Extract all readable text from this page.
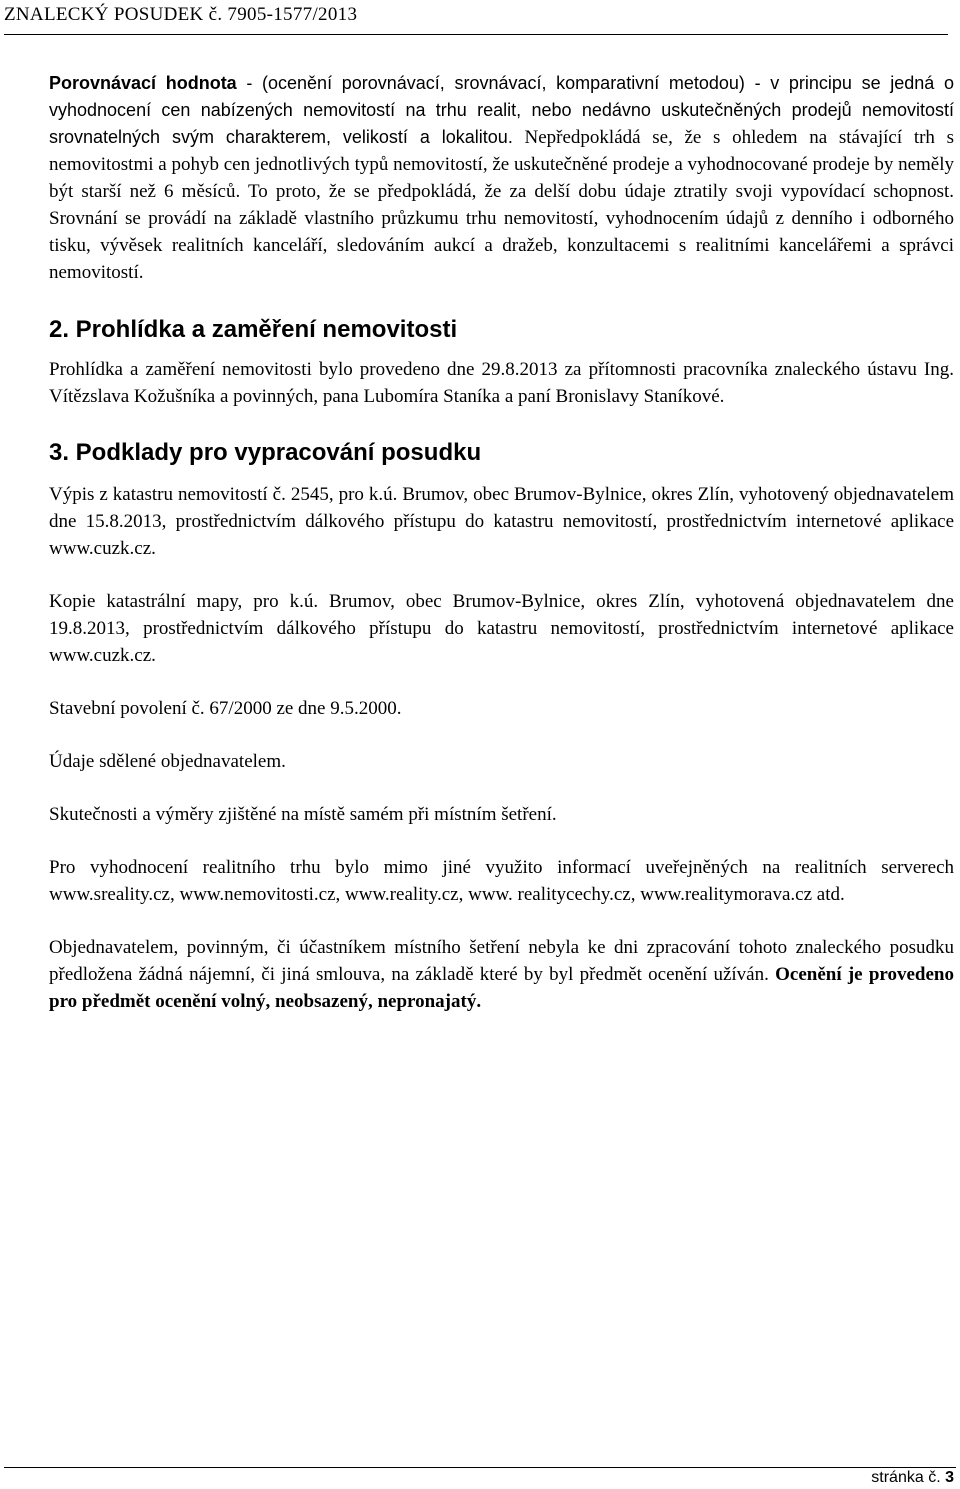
ZNALECKÝ POSUDEK č. 7905-1577/2013

Porovnávací hodnota - (ocenění porovnávací, srovnávací, komparativní metodou) - v principu se jedná o vyhodnocení cen nabízených nemovitostí na trhu realit, nebo nedávno uskutečněných prodejů nemovitostí srovnatelných svým charakterem, velikostí a lokalitou. Nepředpokládá se, že s ohledem na stávající trh s nemovitostmi a pohyb cen jednotlivých typů nemovitostí, že uskutečněné prodeje a vyhodnocované prodeje by neměly být starší než 6 měsíců. To proto, že se předpokládá, že za delší dobu údaje ztratily svoji vypovídací schopnost. Srovnání se provádí na základě vlastního průzkumu trhu nemovitostí, vyhodnocením údajů z denního i odborného tisku, vývěsek realitních kanceláří, sledováním aukcí a dražeb, konzultacemi s realitními kancelářemi a správci nemovitostí.

2. Prohlídka a zaměření nemovitosti

Prohlídka a zaměření nemovitosti bylo provedeno dne 29.8.2013 za přítomnosti pracovníka znaleckého ústavu Ing. Vítězslava Kožušníka a povinných, pana Lubomíra Staníka a paní Bronislavy Staníkové.

3. Podklady pro vypracování posudku

Výpis z katastru nemovitostí č. 2545, pro k.ú. Brumov, obec Brumov-Bylnice, okres Zlín, vyhotovený objednavatelem dne 15.8.2013, prostřednictvím dálkového přístupu do katastru nemovitostí, prostřednictvím internetové aplikace www.cuzk.cz.

Kopie katastrální mapy, pro k.ú. Brumov, obec Brumov-Bylnice, okres Zlín, vyhotovená objednavatelem dne 19.8.2013, prostřednictvím dálkového přístupu do katastru nemovitostí, prostřednictvím internetové aplikace www.cuzk.cz.

Stavební povolení č. 67/2000 ze dne 9.5.2000.

Údaje sdělené objednavatelem.

Skutečnosti a výměry zjištěné na místě samém při místním šetření.

Pro vyhodnocení realitního trhu bylo mimo jiné využito informací uveřejněných na realitních serverech www.sreality.cz, www.nemovitosti.cz, www.reality.cz, www. realitycechy.cz, www.realitymorava.cz atd.

Objednavatelem, povinným, či účastníkem místního šetření nebyla ke dni zpracování tohoto znaleckého posudku předložena žádná nájemní, či jiná smlouva, na základě které by byl předmět ocenění užíván. Ocenění je provedeno pro předmět ocenění volný, neobsazený, nepronajatý.

stránka č. 3
